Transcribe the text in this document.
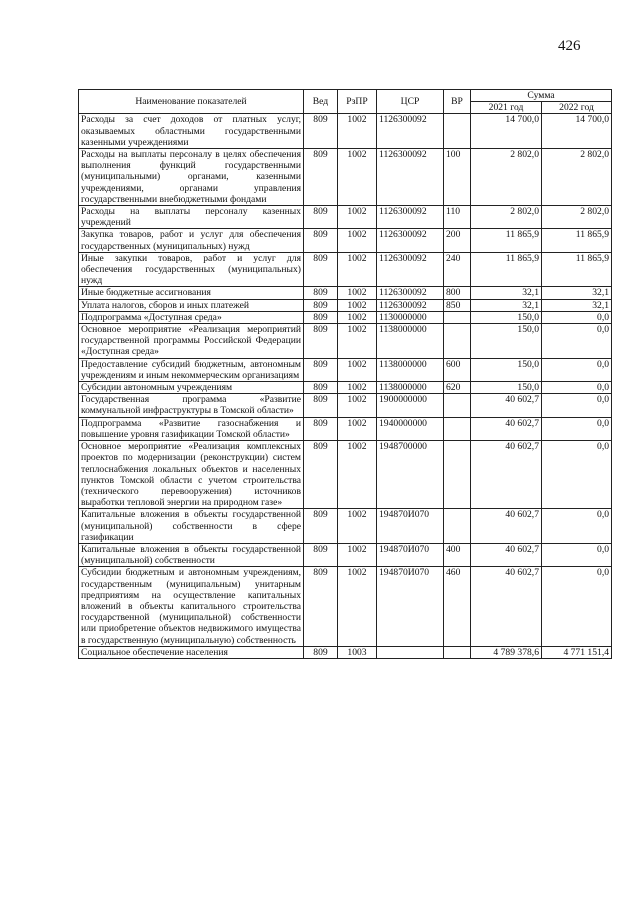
426
Наименование показателей	Вед	РзПР	ЦСР	ВР	Сумма	
					2021 год	2022 год
Расходы за счет доходов от платных услуг, оказываемых областными государственными казенными учреждениями	809	1002	1126300092		14 700,0	14 700,0
Расходы на выплаты персоналу в целях обеспечения выполнения функций государственными (муниципальными) органами, казенными учреждениями, органами управления государственными внебюджетными фондами	809	1002	1126300092	100	2 802,0	2 802,0
Расходы на выплаты персоналу казенных учреждений	809	1002	1126300092	110	2 802,0	2 802,0
Закупка товаров, работ и услуг для обеспечения государственных (муниципальных) нужд	809	1002	1126300092	200	11 865,9	11 865,9
Иные закупки товаров, работ и услуг для обеспечения государственных (муниципальных) нужд	809	1002	1126300092	240	11 865,9	11 865,9
Иные бюджетные ассигнования	809	1002	1126300092	800	32,1	32,1
Уплата налогов, сборов и иных платежей	809	1002	1126300092	850	32,1	32,1
Подпрограмма «Доступная среда»	809	1002	1130000000		150,0	0,0
Основное мероприятие «Реализация мероприятий государственной программы Российской Федерации «Доступная среда»	809	1002	1138000000		150,0	0,0
Предоставление субсидий бюджетным, автономным учреждениям и иным некоммерческим организациям	809	1002	1138000000	600	150,0	0,0
Субсидии автономным учреждениям	809	1002	1138000000	620	150,0	0,0
Государственная программа «Развитие коммунальной инфраструктуры в Томской области»	809	1002	1900000000		40 602,7	0,0
Подпрограмма «Развитие газоснабжения и повышение уровня газификации Томской области»	809	1002	1940000000		40 602,7	0,0
Основное мероприятие «Реализация комплексных проектов по модернизации (реконструкции) систем теплоснабжения локальных объектов и населенных пунктов Томской области с учетом строительства (технического перевооружения) источников выработки тепловой энергии на природном газе»	809	1002	1948700000		40 602,7	0,0
Капитальные вложения в объекты государственной (муниципальной) собственности в сфере газификации	809	1002	194870И070		40 602,7	0,0
Капитальные вложения в объекты государственной (муниципальной) собственности	809	1002	194870И070	400	40 602,7	0,0
Субсидии бюджетным и автономным учреждениям, государственным (муниципальным) унитарным предприятиям на осуществление капитальных вложений в объекты капитального строительства государственной (муниципальной) собственности или приобретение объектов недвижимого имущества в государственную (муниципальную) собственность	809	1002	194870И070	460	40 602,7	0,0
Социальное обеспечение населения	809	1003			4 789 378,6	4 771 151,4
